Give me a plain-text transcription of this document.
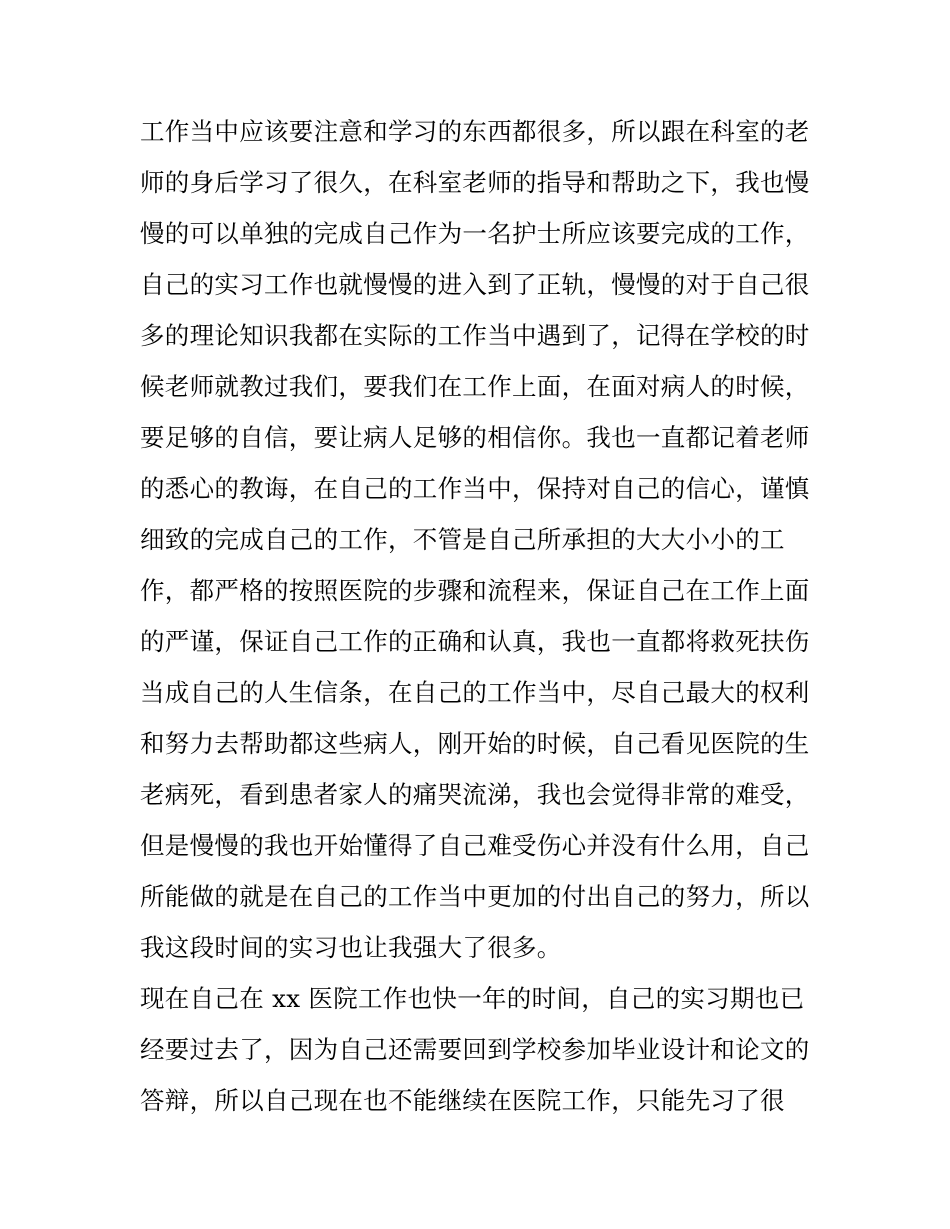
工作当中应该要注意和学习的东西都很多，所以跟在科室的老
师的身后学习了很久，在科室老师的指导和帮助之下，我也慢
慢的可以单独的完成自己作为一名护士所应该要完成的工作，
自己的实习工作也就慢慢的进入到了正轨，慢慢的对于自己很
多的理论知识我都在实际的工作当中遇到了，记得在学校的时
候老师就教过我们，要我们在工作上面，在面对病人的时候，
要足够的自信，要让病人足够的相信你。我也一直都记着老师
的悉心的教诲，在自己的工作当中，保持对自己的信心，谨慎
细致的完成自己的工作，不管是自己所承担的大大小小的工
作，都严格的按照医院的步骤和流程来，保证自己在工作上面
的严谨，保证自己工作的正确和认真，我也一直都将救死扶伤
当成自己的人生信条，在自己的工作当中，尽自己最大的权利
和努力去帮助都这些病人，刚开始的时候，自己看见医院的生
老病死，看到患者家人的痛哭流涕，我也会觉得非常的难受，
但是慢慢的我也开始懂得了自己难受伤心并没有什么用，自己
所能做的就是在自己的工作当中更加的付出自己的努力，所以
我这段时间的实习也让我强大了很多。
现在自己在 xx 医院工作也快一年的时间，自己的实习期也已
经要过去了，因为自己还需要回到学校参加毕业设计和论文的
答辩，所以自己现在也不能继续在医院工作，只能先习了很
